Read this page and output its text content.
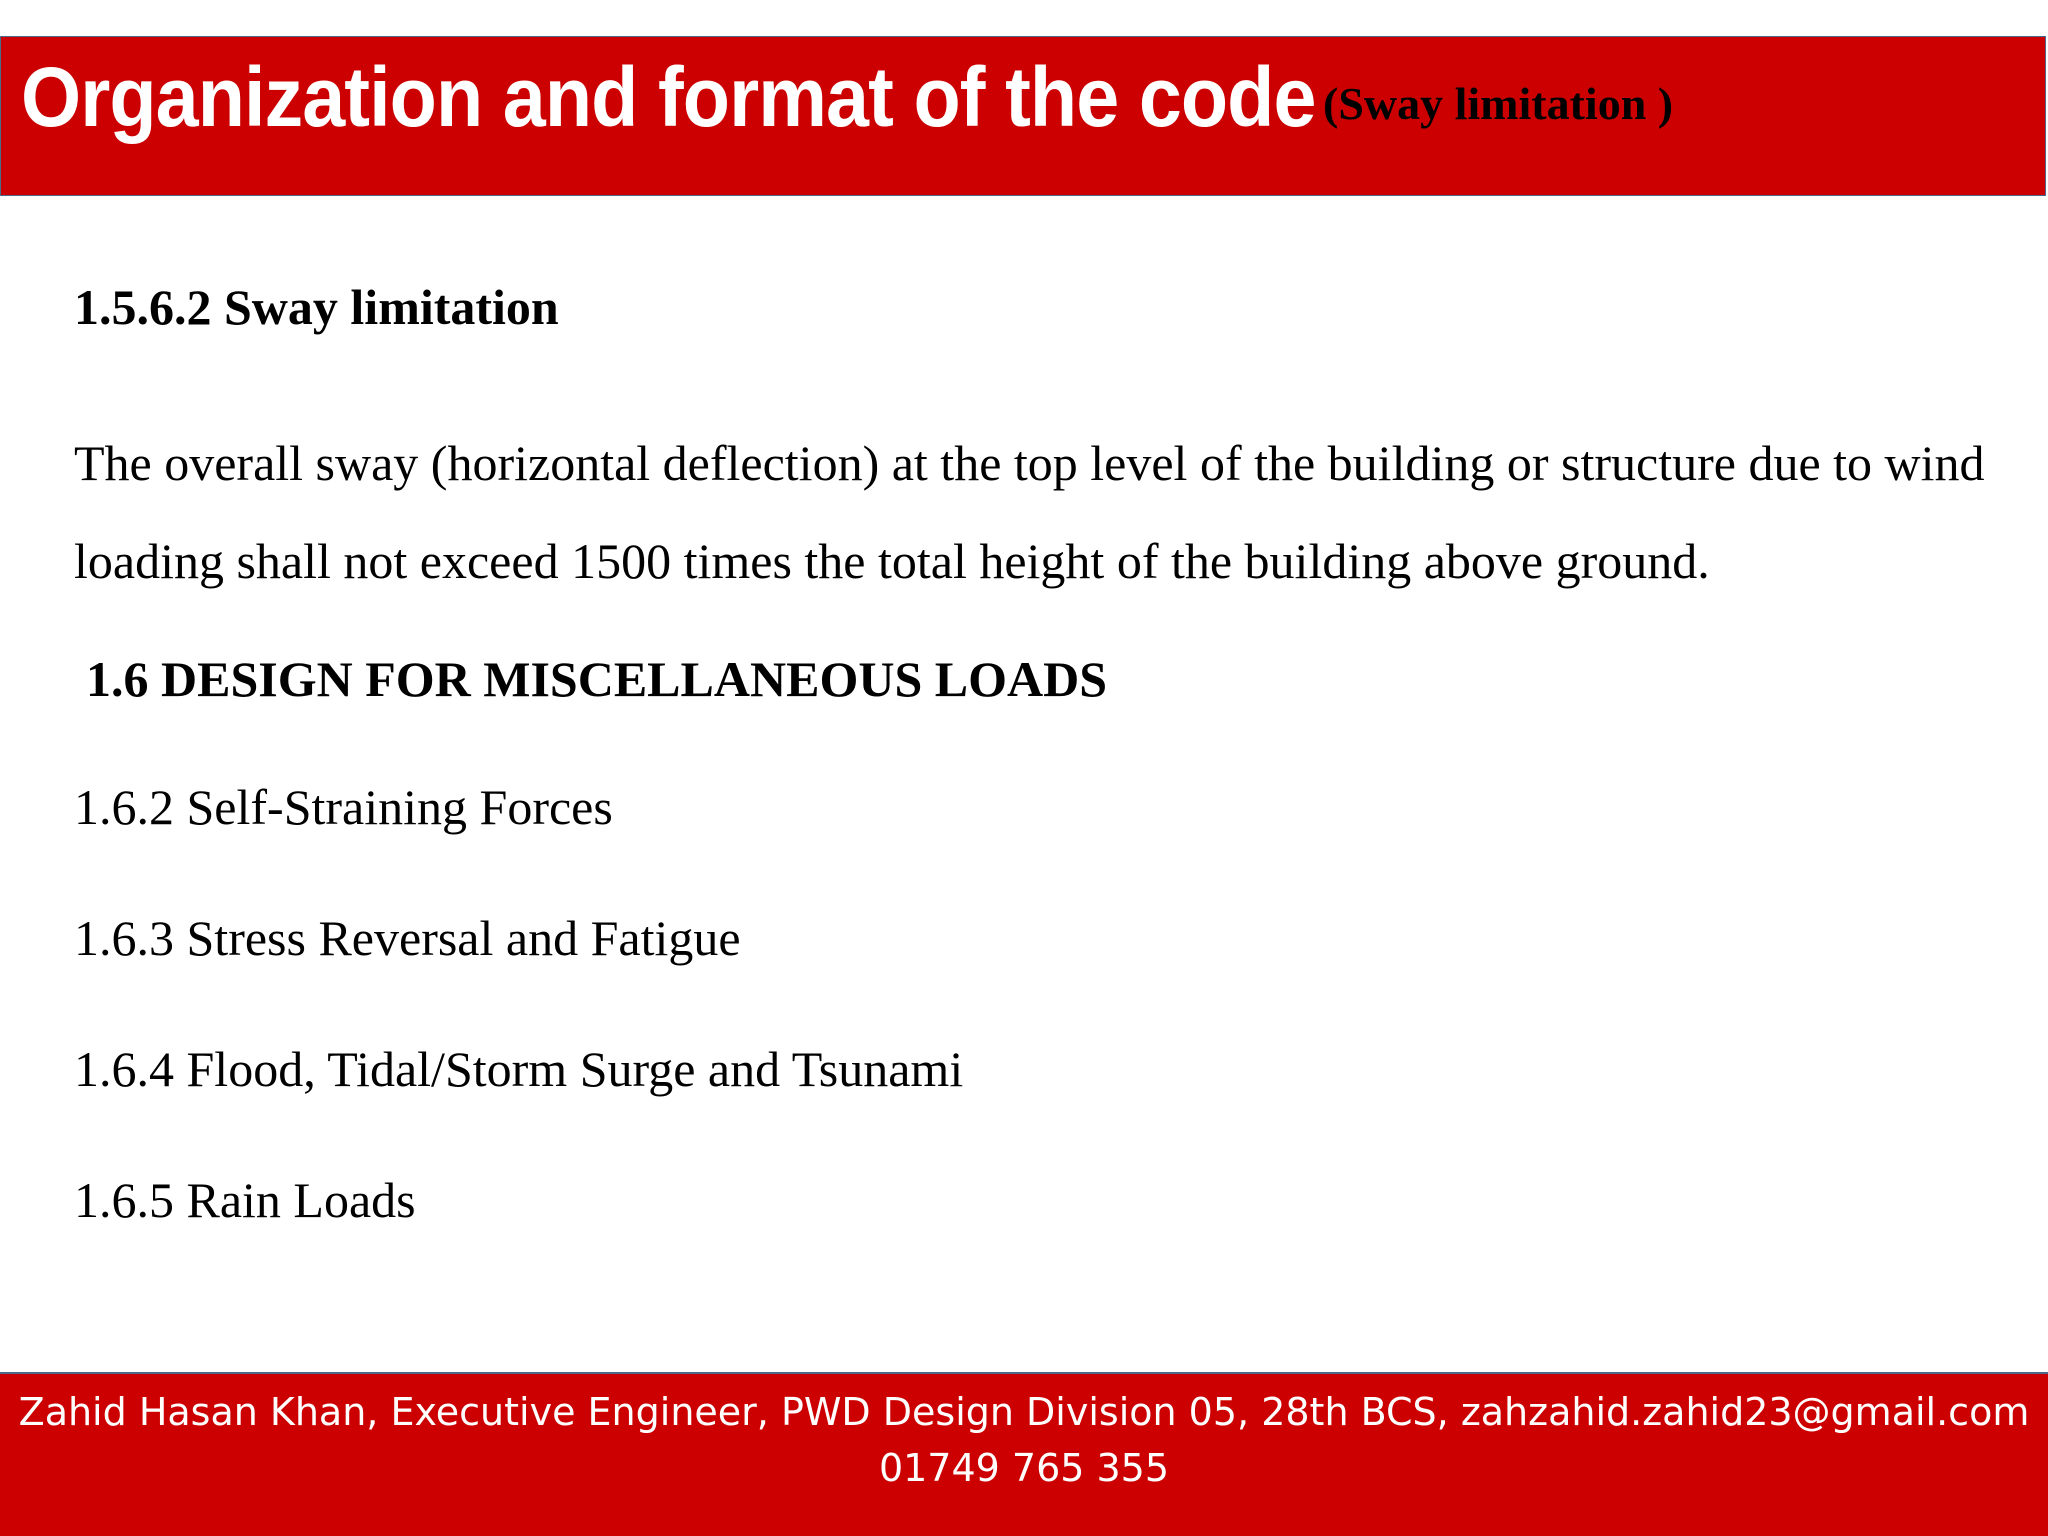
Organization and format of the code (Sway limitation )
1.5.6.2 Sway limitation
The overall sway (horizontal deflection) at the top level of the building or structure due to wind
loading shall not exceed 1500 times the total height of the building above ground.
1.6 DESIGN FOR MISCELLANEOUS LOADS
1.6.2 Self-Straining Forces
1.6.3 Stress Reversal and Fatigue
1.6.4 Flood, Tidal/Storm Surge and Tsunami
1.6.5 Rain Loads
Zahid Hasan Khan, Executive Engineer, PWD Design Division 05, 28th BCS, zahzahid.zahid23@gmail.com
01749 765 355
